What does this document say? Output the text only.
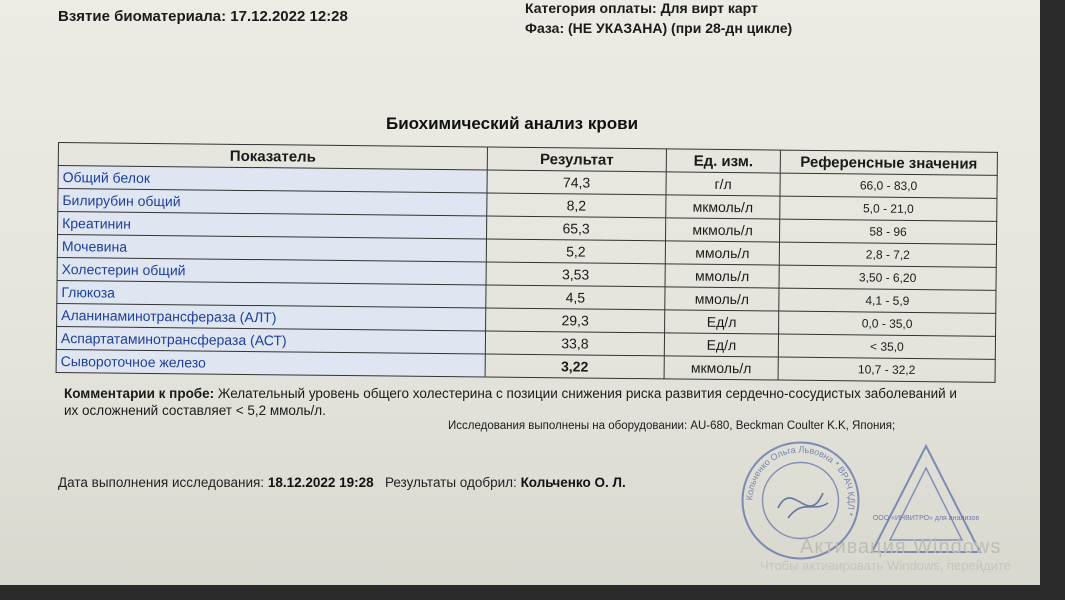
Взятие биоматериала: 17.12.2022 12:28	Категория оплаты: Для вирт карт
Фаза: (НЕ УКАЗАНА) (при 28-дн цикле)
Биохимический анализ крови
Показатель	Результат	Ед. изм.	Референсные значения
Общий белок	74,3	г/л	66,0 - 83,0
Билирубин общий	8,2	мкмоль/л	5,0 - 21,0
Креатинин	65,3	мкмоль/л	58 - 96
Мочевина	5,2	ммоль/л	2,8 - 7,2
Холестерин общий	3,53	ммоль/л	3,50 - 6,20
Глюкоза	4,5	ммоль/л	4,1 - 5,9
Аланинаминотрансфераза (АЛТ)	29,3	Ед/л	0,0 - 35,0
Аспартатаминотрансфераза (АСТ)	33,8	Ед/л	< 35,0
Сывороточное железо	3,22	мкмоль/л	10,7 - 32,2
Комментарии к пробе: Желательный уровень общего холестерина с позиции снижения риска развития сердечно-сосудистых заболеваний и их осложнений составляет < 5,2 ммоль/л.
Исследования выполнены на оборудовании: AU-680, Beckman Coulter K.K, Япония;
Дата выполнения исследования: 18.12.2022 19:28 Результаты одобрил: Кольченко О. Л.
Кольченко Ольга Львовна * ВРАЧ КДЛ *
ООО «ИНВИТРО» для анализов
Активация Windows
Чтобы активировать Windows, перейдите
